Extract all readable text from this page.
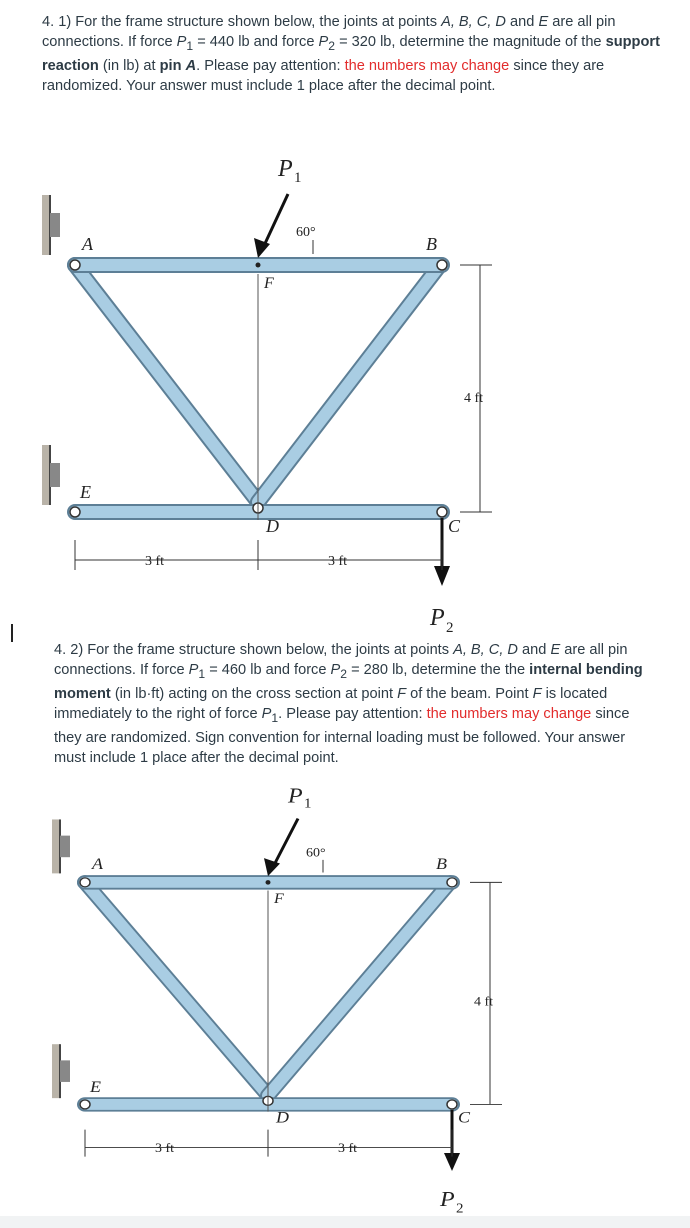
4. 1) For the frame structure shown below, the joints at points A, B, C, D and E are all pin connections. If force $P_1 = 440$ lb and force $P_2 = 320$ lb, determine the magnitude of the support reaction (in lb) at pin A. Please pay attention: the numbers may change since they are randomized. Your answer must include 1 place after the decimal point.
4. 2) For the frame structure shown below, the joints at points A, B, C, D and E are all pin connections. If force $P_1 = 460$ lb and force $P_2 = 280$ lb, determine the the internal bending moment (in lb·ft) acting on the cross section at point F of the beam. Point F is located immediately to the right of force $P_1$. Please pay attention: the numbers may change since they are randomized. Sign convention for internal loading must be followed. Your answer must include 1 place after the decimal point.
A	B
E
D	C
F
P 1
60°
P 2
4 ft
3 ft	3 ft
A	B
E
D	C
F
P 1
60°
P 2
4 ft
3 ft	3 ft
